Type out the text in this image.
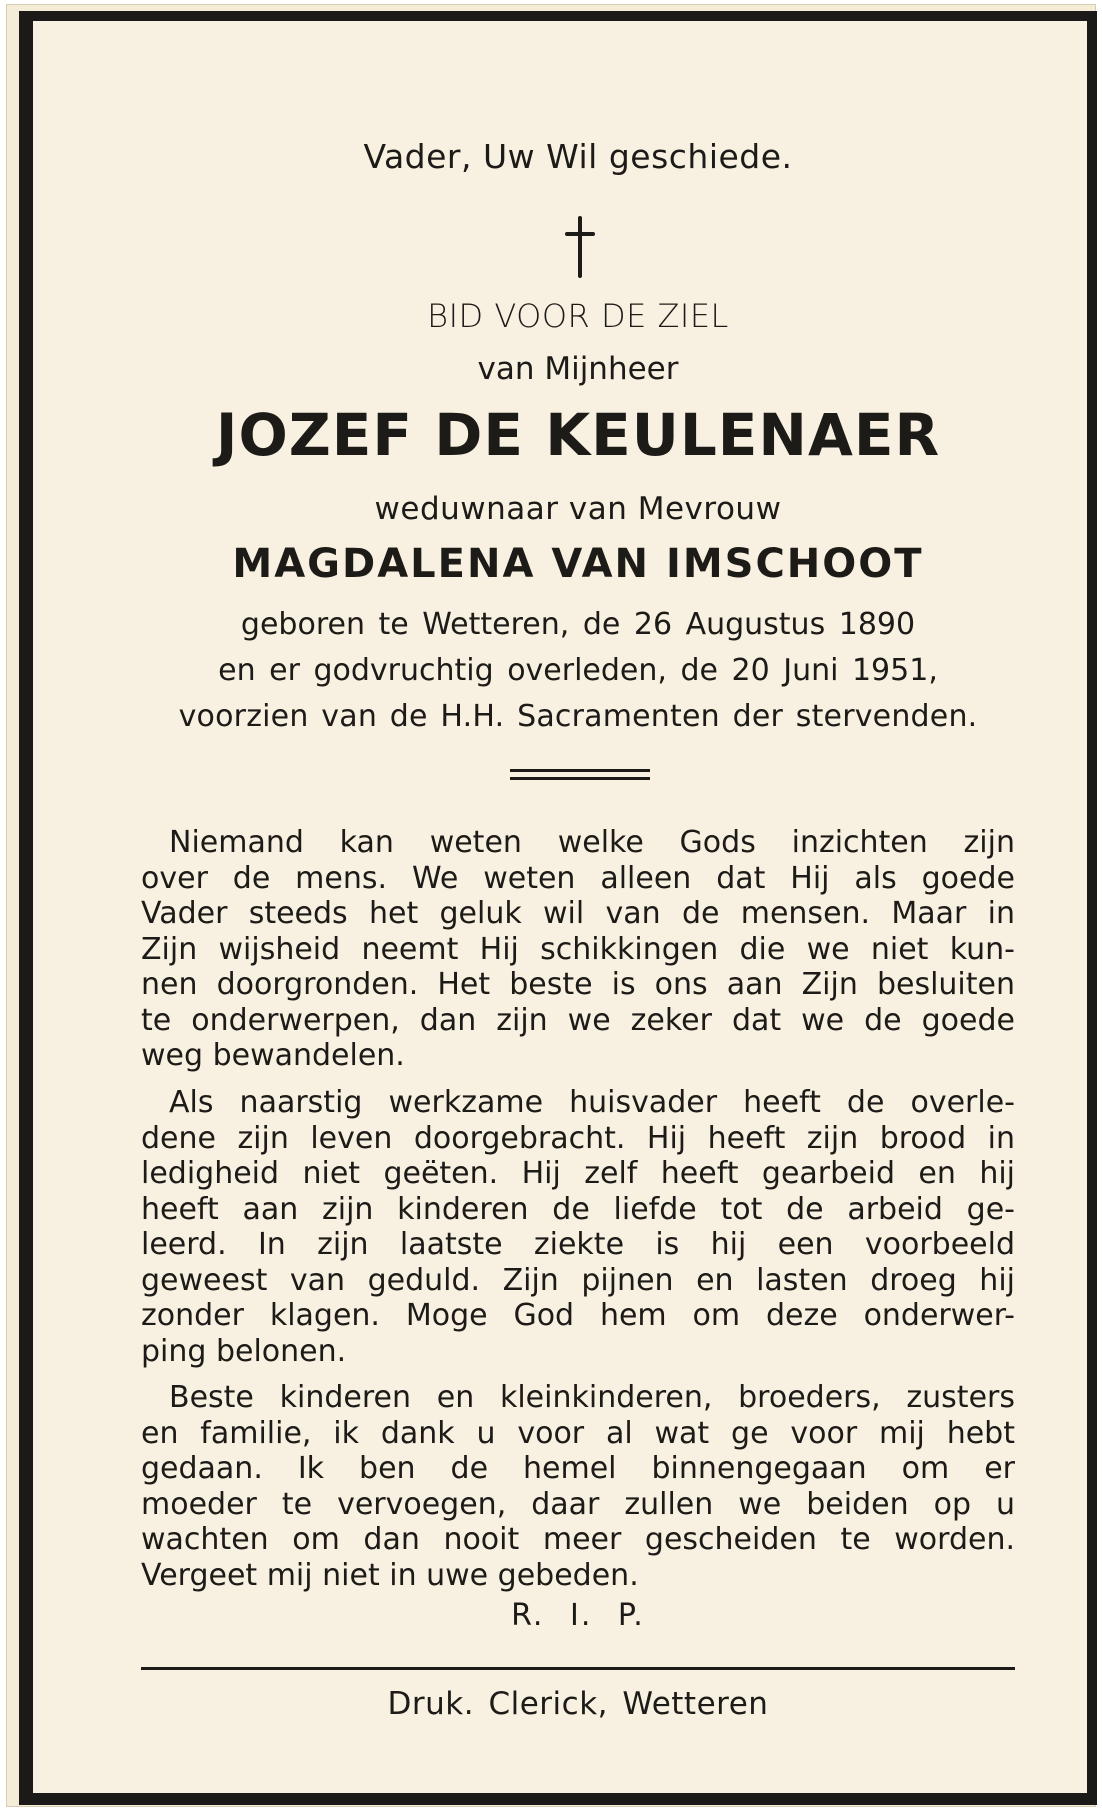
Vader, Uw Wil geschiede.
BID VOOR DE ZIEL
van Mijnheer
JOZEF DE KEULENAER
weduwnaar van Mevrouw
MAGDALENA VAN IMSCHOOT
geboren te Wetteren, de 26 Augustus 1890
en er godvruchtig overleden, de 20 Juni 1951,
voorzien van de H.H. Sacramenten der stervenden.
Niemand kan weten welke Gods inzichten zijn
over de mens. We weten alleen dat Hij als goede
Vader steeds het geluk wil van de mensen. Maar in
Zijn wijsheid neemt Hij schikkingen die we niet kun-
nen doorgronden. Het beste is ons aan Zijn besluiten
te onderwerpen, dan zijn we zeker dat we de goede
weg bewandelen.
Als naarstig werkzame huisvader heeft de overle-
dene zijn leven doorgebracht. Hij heeft zijn brood in
ledigheid niet geëten. Hij zelf heeft gearbeid en hij
heeft aan zijn kinderen de liefde tot de arbeid ge-
leerd. In zijn laatste ziekte is hij een voorbeeld
geweest van geduld. Zijn pijnen en lasten droeg hij
zonder klagen. Moge God hem om deze onderwer-
ping belonen.
Beste kinderen en kleinkinderen, broeders, zusters
en familie, ik dank u voor al wat ge voor mij hebt
gedaan. Ik ben de hemel binnengegaan om er
moeder te vervoegen, daar zullen we beiden op u
wachten om dan nooit meer gescheiden te worden.
Vergeet mij niet in uwe gebeden.
R. I. P.
Druk. Clerick, Wetteren
